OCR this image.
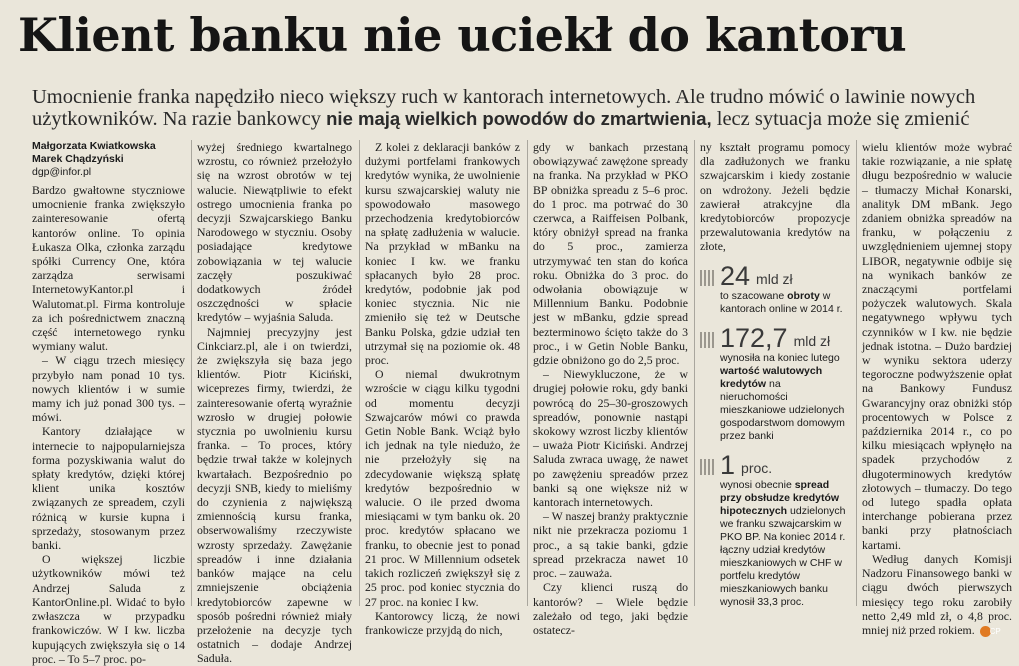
Klient banku nie uciekł do kantoru

Umocnienie franka napędziło nieco większy ruch w kantorach internetowych. Ale trudno mówić o lawinie nowych użytkowników. Na razie bankowcy nie mają wielkich powodów do zmartwienia, lecz sytuacja może się zmienić

Małgorzata Kwiatkowska
Marek Chądzyński
dgp@infor.pl

Bardzo gwałtowne styczniowe umocnienie franka zwiększyło zainteresowanie ofertą kantorów online. To opinia Łukasza Olka, członka zarządu spółki Currency One, która zarządza serwisami InternetowyKantor.pl i Walutomat.pl. Firma kontroluje za ich pośrednictwem znaczną część internetowego rynku wymiany walut.

– W ciągu trzech miesięcy przybyło nam ponad 10 tys. nowych klientów i w sumie mamy ich już ponad 300 tys. – mówi.

Kantory działające w internecie to najpopularniejsza forma pozyskiwania walut do spłaty kredytów, dzięki której klient unika kosztów związanych ze spreadem, czyli różnicą w kursie kupna i sprzedaży, stosowanym przez banki.

O większej liczbie użytkowników mówi też Andrzej Saluda z KantorOnline.pl. Widać to było zwłaszcza w przypadku frankowiczów. W I kw. liczba kupujących zwiększyła się o 14 proc. – To 5–7 proc. po-

wyżej średniego kwartalnego wzrostu, co również przełożyło się na wzrost obrotów w tej walucie. Niewątpliwie to efekt ostrego umocnienia franka po decyzji Szwajcarskiego Banku Narodowego w styczniu. Osoby posiadające kredytowe zobowiązania w tej walucie zaczęły poszukiwać dodatkowych źródeł oszczędności w spłacie kredytów – wyjaśnia Saluda.

Najmniej precyzyjny jest Cinkciarz.pl, ale i on twierdzi, że zwiększyła się baza jego klientów. Piotr Kiciński, wiceprezes firmy, twierdzi, że zainteresowanie ofertą wyraźnie wzrosło w drugiej połowie stycznia po uwolnieniu kursu franka. – To proces, który będzie trwał także w kolejnych kwartałach. Bezpośrednio po decyzji SNB, kiedy to mieliśmy do czynienia z największą zmiennością kursu franka, obserwowaliśmy rzeczywiste wzrosty sprzedaży. Zawężanie spreadów i inne działania banków mające na celu zmniejszenie obciążenia kredytobiorców zapewne w sposób pośredni również miały przełożenie na decyzje tych ostatnich – dodaje Andrzej Saduła.

Z kolei z deklaracji banków z dużymi portfelami frankowych kredytów wynika, że uwolnienie kursu szwajcarskiej waluty nie spowodowało masowego przechodzenia kredytobiorców na spłatę zadłużenia w walucie. Na przykład w mBanku na koniec I kw. we franku spłacanych było 28 proc. kredytów, podobnie jak pod koniec stycznia. Nic nie zmieniło się też w Deutsche Banku Polska, gdzie udział ten utrzymał się na poziomie ok. 48 proc.

O niemal dwukrotnym wzroście w ciągu kilku tygodni od momentu decyzji Szwajcarów mówi co prawda Getin Noble Bank. Wciąż było ich jednak na tyle niedużo, że nie przełożyły się na zdecydowanie większą spłatę kredytów bezpośrednio w walucie. O ile przed dwoma miesiącami w tym banku ok. 20 proc. kredytów spłacano we franku, to obecnie jest to ponad 21 proc. W Millennium odsetek takich rozliczeń zwiększył się z 25 proc. pod koniec stycznia do 27 proc. na koniec I kw.

Kantorowcy liczą, że nowi frankowicze przyjdą do nich,

gdy w bankach przestaną obowiązywać zawężone spready na franka. Na przykład w PKO BP obniżka spreadu z 5–6 proc. do 1 proc. ma potrwać do 30 czerwca, a Raiffeisen Polbank, który obniżył spread na franka do 5 proc., zamierza utrzymywać ten stan do końca roku. Obniżka do 3 proc. do odwołania obowiązuje w Millennium Banku. Podobnie jest w mBanku, gdzie spread bezterminowo ścięto także do 3 proc., i w Getin Noble Banku, gdzie obniżono go do 2,5 proc.

– Niewykluczone, że w drugiej połowie roku, gdy banki powrócą do 25–30-groszowych spreadów, ponownie nastąpi skokowy wzrost liczby klientów – uważa Piotr Kiciński. Andrzej Saluda zwraca uwagę, że nawet po zawężeniu spreadów przez banki są one większe niż w kantorach internetowych.

– W naszej branży praktycznie nikt nie przekracza poziomu 1 proc., a są takie banki, gdzie spread przekracza nawet 10 proc. – zauważa.

Czy klienci ruszą do kantorów? – Wiele będzie zależało od tego, jaki będzie ostatecz-

ny kształt programu pomocy dla zadłużonych we franku szwajcarskim i kiedy zostanie on wdrożony. Jeżeli będzie zawierał atrakcyjne dla kredytobiorców propozycje przewalutowania kredytów na złote,

24 mld zł
to szacowane obroty w kantorach online w 2014 r.
172,7 mld zł
wynosiła na koniec lutego wartość walutowych kredytów na nieruchomości mieszkaniowe udzielonych gospodarstwom domowym przez banki
1 proc.
wynosi obecnie spread przy obsłudze kredytów hipotecznych udzielonych we franku szwajcarskim w PKO BP. Na koniec 2014 r. łączny udział kredytów mieszkaniowych w CHF w portfelu kredytów mieszkaniowych banku wynosił 33,3 proc.

wielu klientów może wybrać takie rozwiązanie, a nie spłatę długu bezpośrednio w walucie – tłumaczy Michał Konarski, analityk DM mBank. Jego zdaniem obniżka spreadów na franku, w połączeniu z uwzględnieniem ujemnej stopy LIBOR, negatywnie odbije się na wynikach banków ze znaczącymi portfelami pożyczek walutowych. Skala negatywnego wpływu tych czynników w I kw. nie będzie jednak istotna. – Dużo bardziej w wyniku sektora uderzy tegoroczne podwyższenie opłat na Bankowy Fundusz Gwarancyjny oraz obniżki stóp procentowych w Polsce z października 2014 r., co po kilku miesiącach wpłynęło na spadek przychodów z długoterminowych kredytów złotowych – tłumaczy. Do tego od lutego spadła opłata interchange pobierana przez banki przy płatnościach kartami.

Według danych Komisji Nadzoru Finansowego banki w ciągu dwóch pierwszych miesięcy tego roku zarobiły netto 2,49 mld zł, o 4,8 proc. mniej niż przed rokiem. CP
